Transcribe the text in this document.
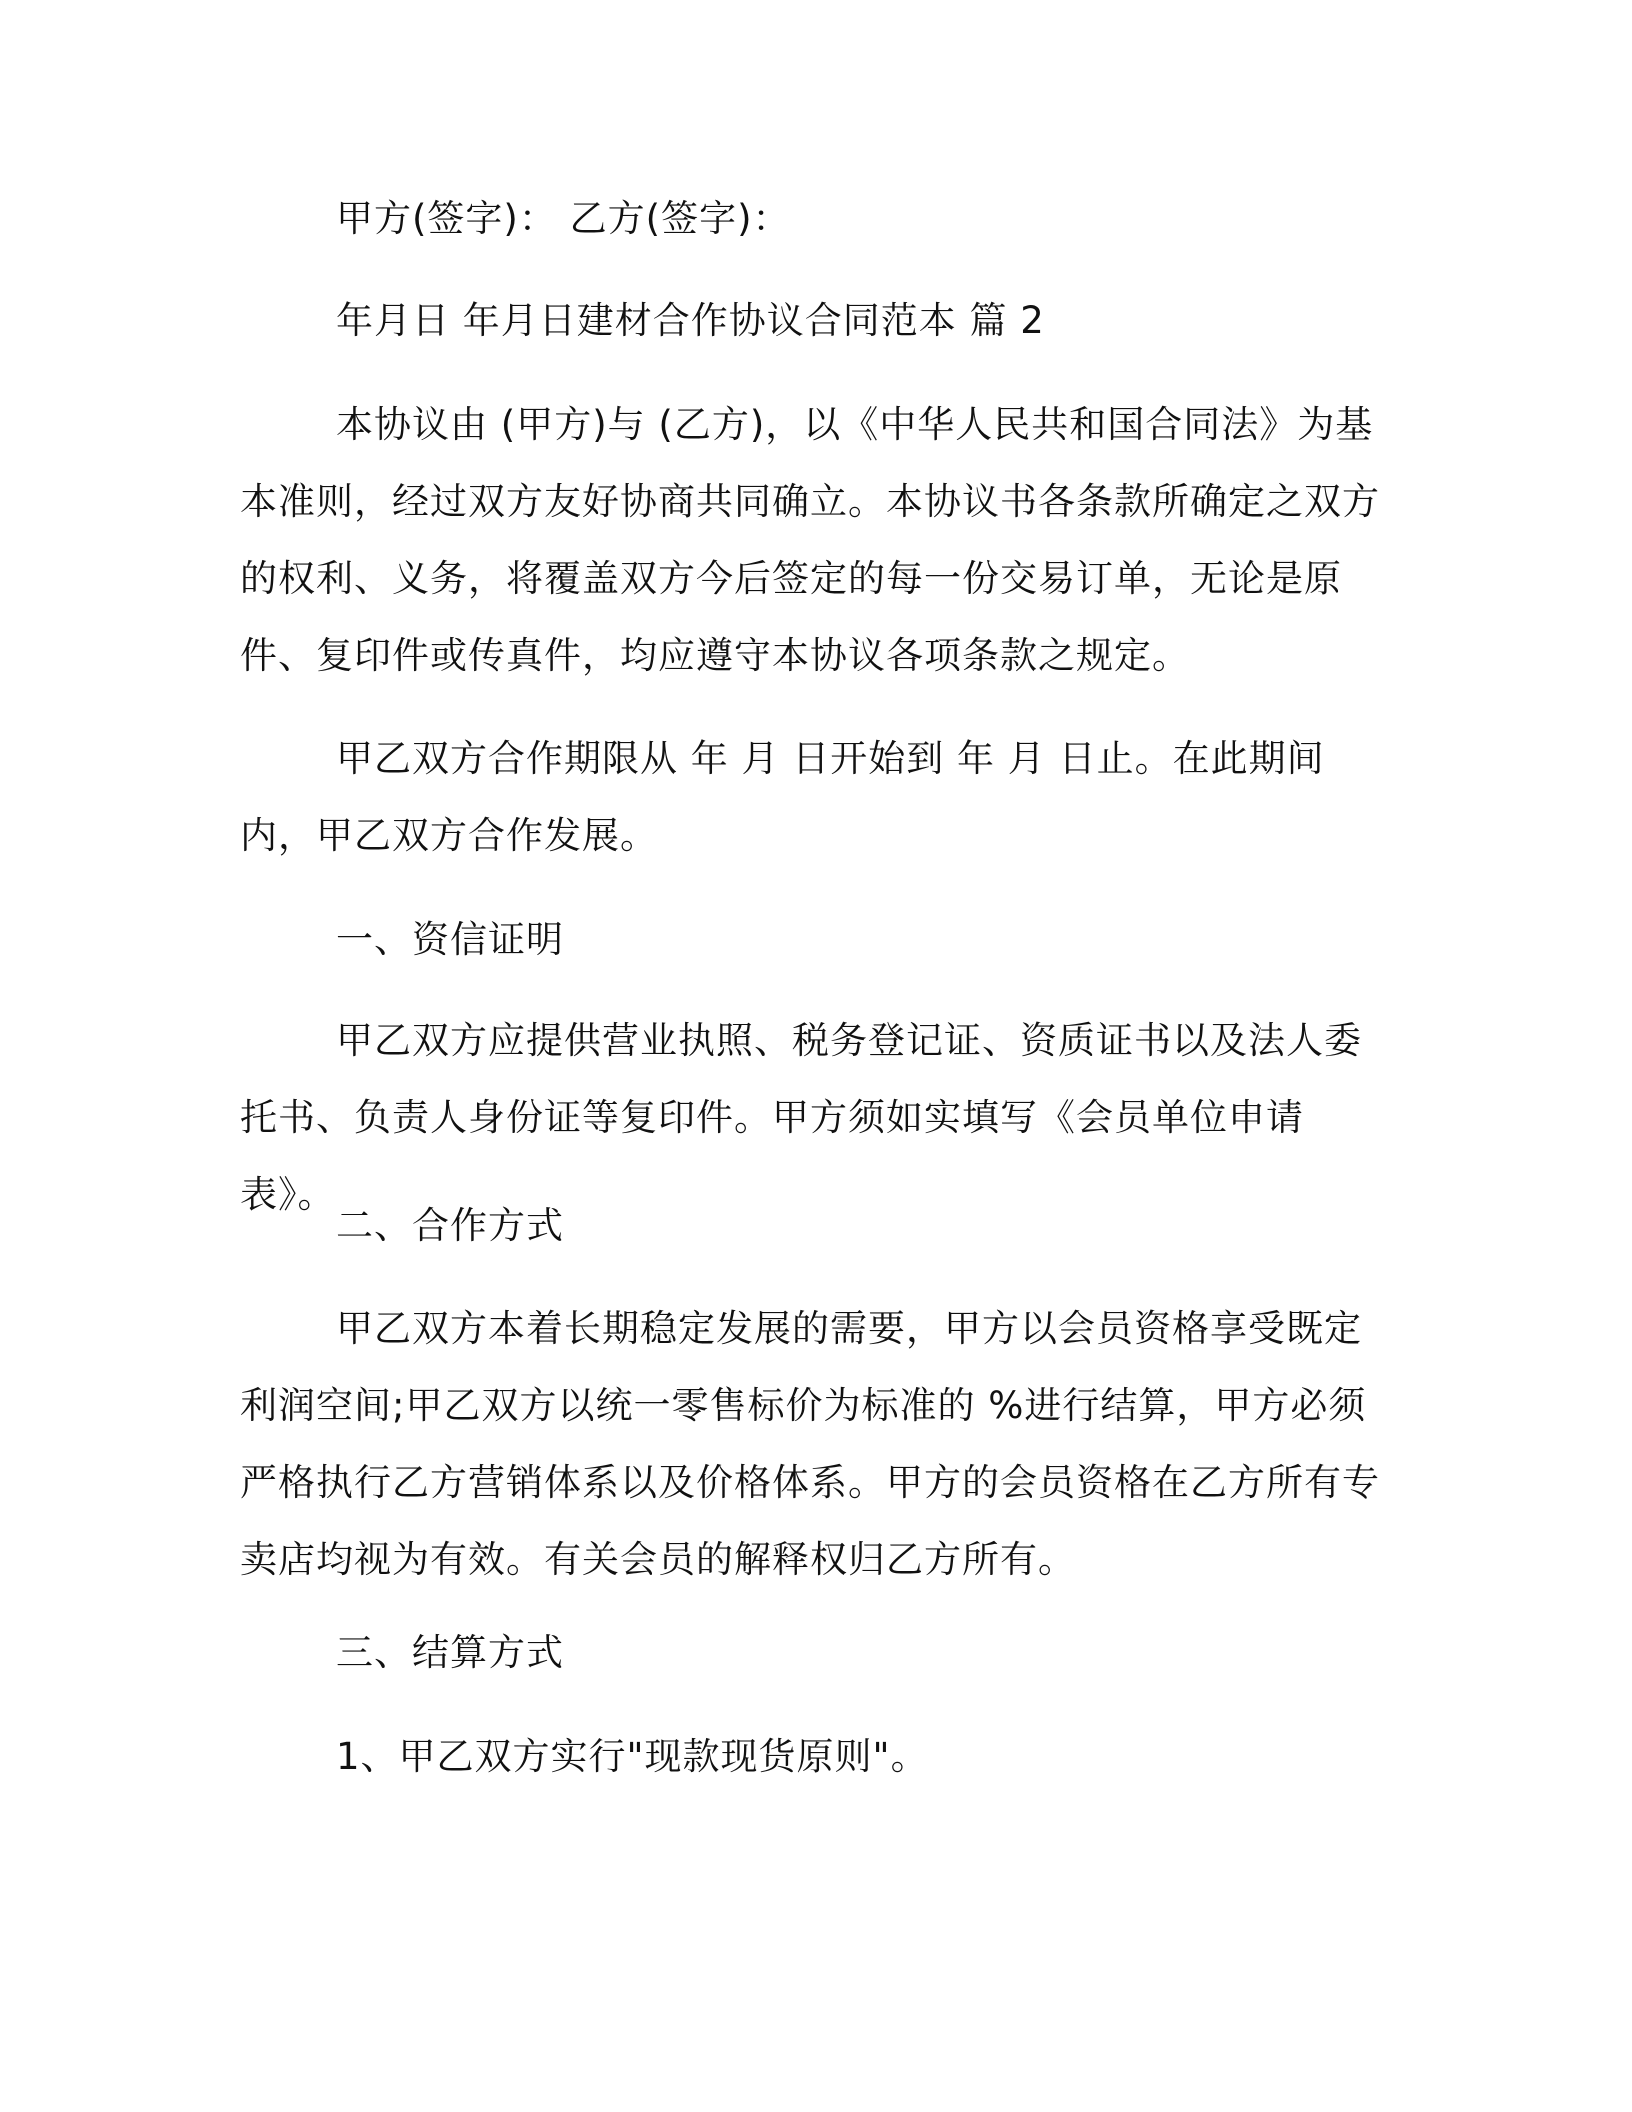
甲方(签字)： 乙方(签字)：

年月日 年月日建材合作协议合同范本 篇 2

本协议由 (甲方)与 (乙方)，以《中华人民共和国合同法》为基本准则，经过双方友好协商共同确立。本协议书各条款所确定之双方的权利、义务，将覆盖双方今后签定的每一份交易订单，无论是原件、复印件或传真件，均应遵守本协议各项条款之规定。

甲乙双方合作期限从 年 月 日开始到 年 月 日止。在此期间内，甲乙双方合作发展。

一、资信证明

甲乙双方应提供营业执照、税务登记证、资质证书以及法人委托书、负责人身份证等复印件。甲方须如实填写《会员单位申请表》。

二、合作方式

甲乙双方本着长期稳定发展的需要，甲方以会员资格享受既定利润空间;甲乙双方以统一零售标价为标准的 %进行结算，甲方必须严格执行乙方营销体系以及价格体系。甲方的会员资格在乙方所有专卖店均视为有效。有关会员的解释权归乙方所有。

三、结算方式

1、甲乙双方实行"现款现货原则"。
